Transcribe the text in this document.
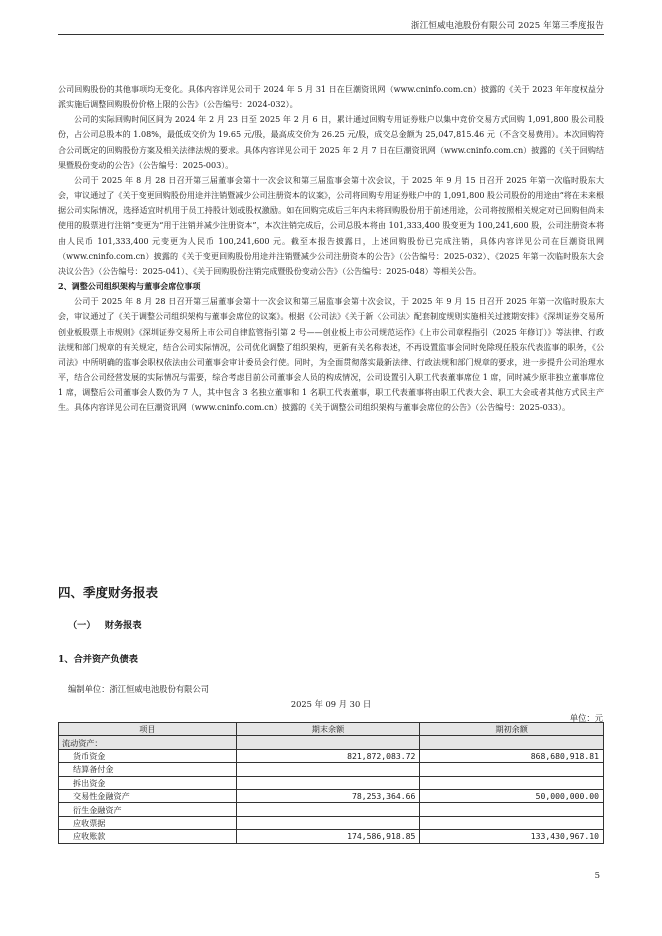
浙江恒威电池股份有限公司 2025 年第三季度报告

公司回购股份的其他事项均无变化。具体内容详见公司于 2024 年 5 月 31 日在巨潮资讯网（www.cninfo.com.cn）披露的《关于 2023 年年度权益分派实施后调整回购股份价格上限的公告》（公告编号：2024-032）。

公司的实际回购时间区间为 2024 年 2 月 23 日至 2025 年 2 月 6 日，累计通过回购专用证券账户以集中竞价交易方式回购 1,091,800 股公司股份，占公司总股本的 1.08%，最低成交价为 19.65 元/股，最高成交价为 26.25 元/股，成交总金额为 25,047,815.46 元（不含交易费用）。本次回购符合公司既定的回购股份方案及相关法律法规的要求。具体内容详见公司于 2025 年 2 月 7 日在巨潮资讯网（www.cninfo.com.cn）披露的《关于回购结果暨股份变动的公告》（公告编号：2025-003）。

公司于 2025 年 8 月 28 日召开第三届董事会第十一次会议和第三届监事会第十次会议，于 2025 年 9 月 15 日召开 2025 年第一次临时股东大会，审议通过了《关于变更回购股份用途并注销暨减少公司注册资本的议案》，公司将回购专用证券账户中的 1,091,800 股公司股份的用途由“将在未来根据公司实际情况，选择适宜时机用于员工持股计划或股权激励。如在回购完成后三年内未将回购股份用于前述用途，公司将按照相关规定对已回购但尚未使用的股票进行注销”变更为“用于注销并减少注册资本”，本次注销完成后，公司总股本将由 101,333,400 股变更为 100,241,600 股，公司注册资本将由人民币 101,333,400 元变更为人民币 100,241,600 元。截至本报告披露日，上述回购股份已完成注销，具体内容详见公司在巨潮资讯网（www.cninfo.com.cn）披露的《关于变更回购股份用途并注销暨减少公司注册资本的公告》（公告编号：2025-032）、《2025 年第一次临时股东大会决议公告》（公告编号：2025-041）、《关于回购股份注销完成暨股份变动公告》（公告编号：2025-048）等相关公告。

2、调整公司组织架构与董事会席位事项

公司于 2025 年 8 月 28 日召开第三届董事会第十一次会议和第三届监事会第十次会议，于 2025 年 9 月 15 日召开 2025 年第一次临时股东大会，审议通过了《关于调整公司组织架构与董事会席位的议案》。根据《公司法》《关于新〈公司法〉配套制度规则实施相关过渡期安排》《深圳证券交易所创业板股票上市规则》《深圳证券交易所上市公司自律监管指引第 2 号——创业板上市公司规范运作》《上市公司章程指引（2025 年修订）》等法律、行政法规和部门规章的有关规定，结合公司实际情况，公司优化调整了组织架构，更新有关名称表述，不再设置监事会同时免除现任股东代表监事的职务，《公司法》中所明确的监事会职权依法由公司董事会审计委员会行使。同时，为全面贯彻落实最新法律、行政法规和部门规章的要求，进一步提升公司治理水平，结合公司经营发展的实际情况与需要，综合考虑目前公司董事会人员的构成情况，公司设置引入职工代表董事席位 1 席，同时减少原非独立董事席位 1 席，调整后公司董事会人数仍为 7 人，其中包含 3 名独立董事和 1 名职工代表董事，职工代表董事将由职工代表大会、职工大会或者其他方式民主产生。具体内容详见公司在巨潮资讯网（www.cninfo.com.cn）披露的《关于调整公司组织架构与董事会席位的公告》（公告编号：2025-033）。

四、季度财务报表
（一） 财务报表
1、合并资产负债表
编制单位：浙江恒威电池股份有限公司
2025 年 09 月 30 日
单位：元
项目	期末余额	期初余额
流动资产：		
货币资金	821,872,083.72	868,680,918.81
结算备付金		
拆出资金		
交易性金融资产	78,253,364.66	50,000,000.00
衍生金融资产		
应收票据		
应收账款	174,586,918.85	133,430,967.10
5
